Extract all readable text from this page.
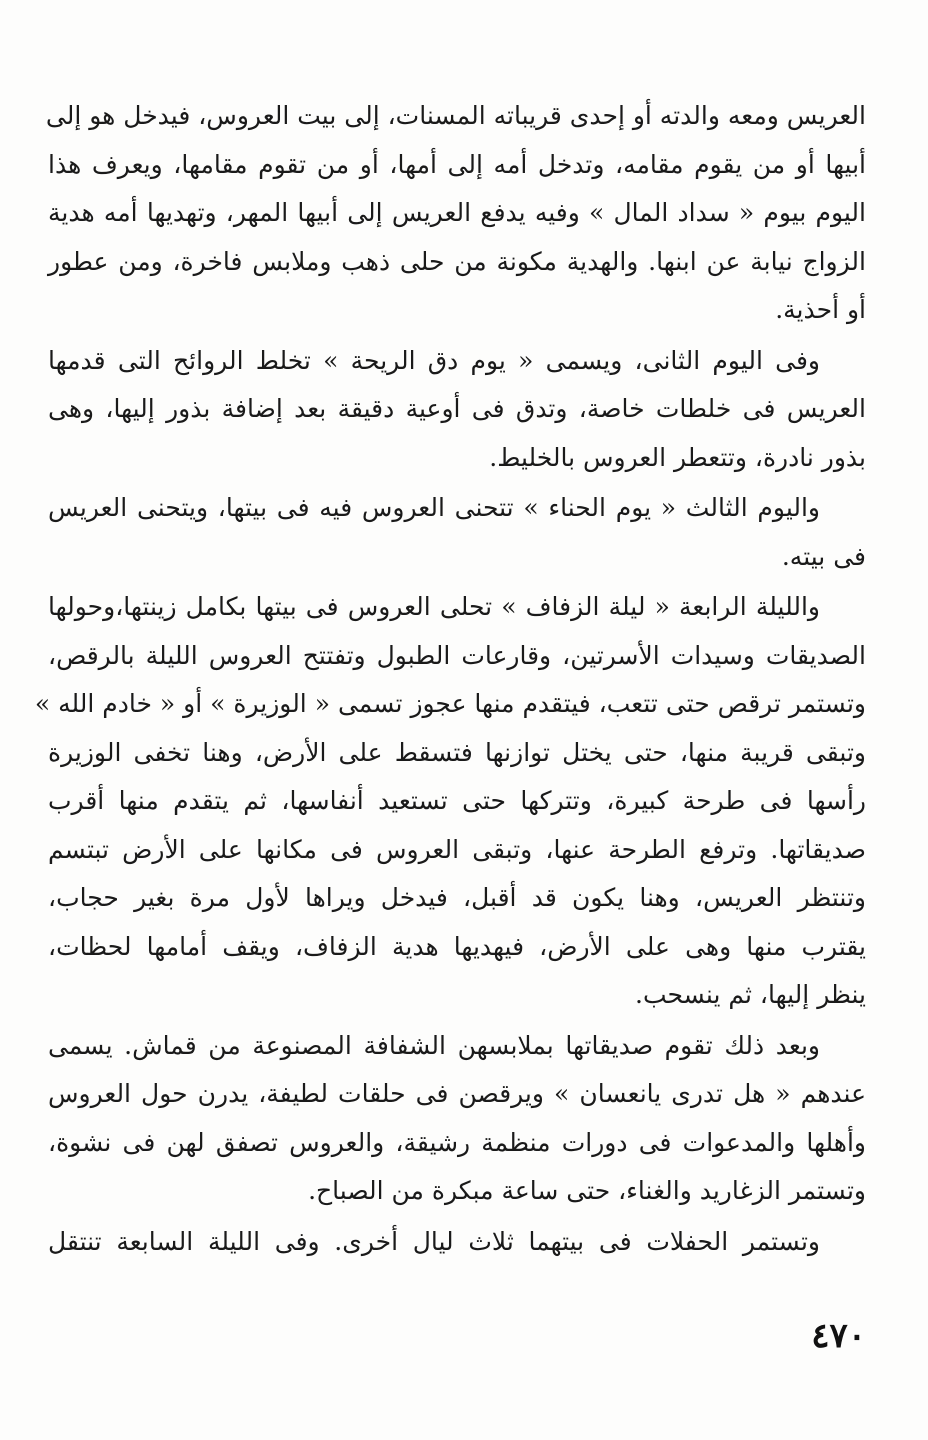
العريس ومعه والدته أو إحدى قريباته المسنات، إلى بيت العروس، فيدخل هو إلى
أبيها أو من يقوم مقامه، وتدخل أمه إلى أمها، أو من تقوم مقامها، ويعرف هذا
اليوم بيوم « سداد المال » وفيه يدفع العريس إلى أبيها المهر، وتهديها أمه هدية
الزواج نيابة عن ابنها. والهدية مكونة من حلى ذهب وملابس فاخرة، ومن عطور
أو أحذية.

وفى اليوم الثانى، ويسمى « يوم دق الريحة » تخلط الروائح التى قدمها
العريس فى خلطات خاصة، وتدق فى أوعية دقيقة بعد إضافة بذور إليها، وهى
بذور نادرة، وتتعطر العروس بالخليط.

واليوم الثالث « يوم الحناء » تتحنى العروس فيه فى بيتها، ويتحنى العريس
فى بيته.

والليلة الرابعة « ليلة الزفاف » تحلى العروس فى بيتها بكامل زينتها،وحولها
الصديقات وسيدات الأسرتين، وقارعات الطبول وتفتتح العروس الليلة بالرقص،
وتستمر ترقص حتى تتعب، فيتقدم منها عجوز تسمى « الوزيرة » أو « خادم الله »
وتبقى قريبة منها، حتى يختل توازنها فتسقط على الأرض، وهنا تخفى الوزيرة
رأسها فى طرحة كبيرة، وتتركها حتى تستعيد أنفاسها، ثم يتقدم منها أقرب
صديقاتها. وترفع الطرحة عنها، وتبقى العروس فى مكانها على الأرض تبتسم
وتنتظر العريس، وهنا يكون قد أقبل، فيدخل ويراها لأول مرة بغير حجاب،
يقترب منها وهى على الأرض، فيهديها هدية الزفاف، ويقف أمامها لحظات،
ينظر إليها، ثم ينسحب.

وبعد ذلك تقوم صديقاتها بملابسهن الشفافة المصنوعة من قماش. يسمى
عندهم « هل تدرى يانعسان » ويرقصن فى حلقات لطيفة، يدرن حول العروس
وأهلها والمدعوات فى دورات منظمة رشيقة، والعروس تصفق لهن فى نشوة،
وتستمر الزغاريد والغناء، حتى ساعة مبكرة من الصباح.

وتستمر الحفلات فى بيتهما ثلاث ليال أخرى. وفى الليلة السابعة تنتقل

٤٧٠
